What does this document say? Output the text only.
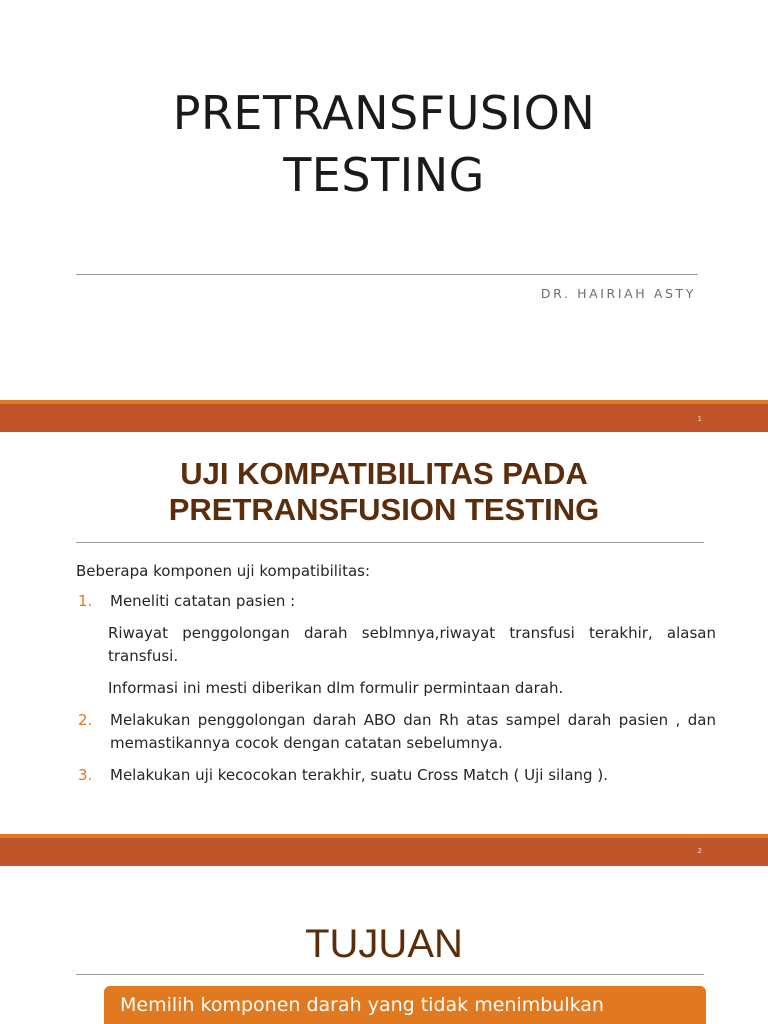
PRETRANSFUSION
TESTING
DR. HAIRIAH ASTY
1
UJI KOMPATIBILITAS PADA
PRETRANSFUSION TESTING

Beberapa komponen uji kompatibilitas:

1. Meneliti catatan pasien :
Riwayat penggolongan darah seblmnya,riwayat transfusi terakhir, alasan transfusi.
Informasi ini mesti diberikan dlm formulir permintaan darah.
2. Melakukan penggolongan darah ABO dan Rh atas sampel darah pasien , dan memastikannya cocok dengan catatan sebelumnya.
3. Melakukan uji kecocokan terakhir, suatu Cross Match ( Uji silang ).
2
TUJUAN
Memilih komponen darah yang tidak menimbulkan
